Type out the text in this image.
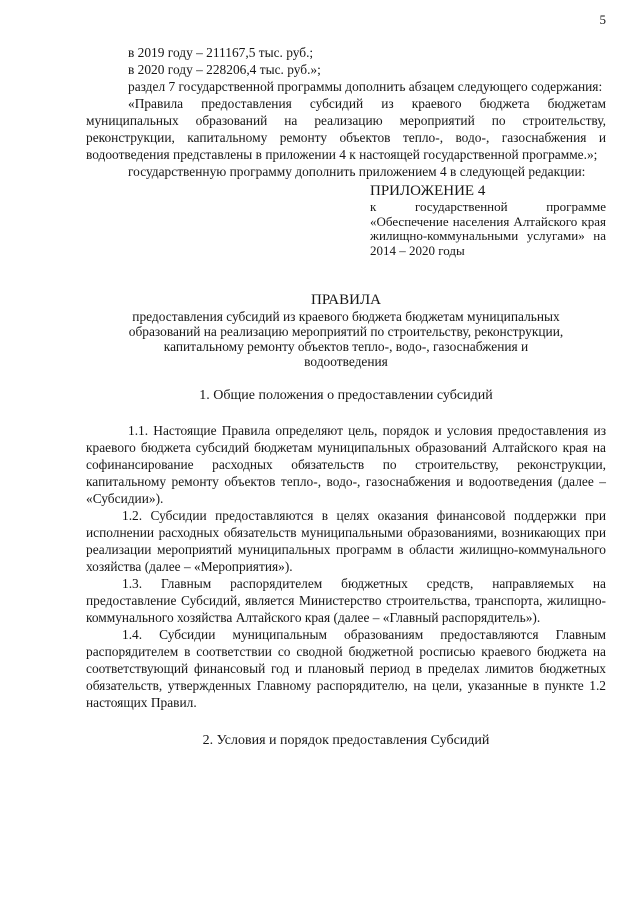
5

в 2019 году – 211167,5 тыс. руб.;

в 2020 году – 228206,4 тыс. руб.»;

раздел 7 государственной программы дополнить абзацем следующего содержания:

«Правила предоставления субсидий из краевого бюджета бюджетам муниципальных образований на реализацию мероприятий по строительству, реконструкции, капитальному ремонту объектов тепло-, водо-, газоснабжения и водоотведения представлены в приложении 4 к настоящей государственной программе.»;

государственную программу дополнить приложением 4 в следующей редакции:

ПРИЛОЖЕНИЕ 4
к государственной программе «Обеспечение населения Алтайского края жилищно-коммунальными услугами» на 2014 – 2020 годы
ПРАВИЛА
предоставления субсидий из краевого бюджета бюджетам муниципальных
образований на реализацию мероприятий по строительству, реконструкции,
капитальному ремонту объектов тепло-, водо-, газоснабжения и
водоотведения
1. Общие положения о предоставлении субсидий

1.1. Настоящие Правила определяют цель, порядок и условия предоставления из краевого бюджета субсидий бюджетам муниципальных образований Алтайского края на софинансирование расходных обязательств по строительству, реконструкции, капитальному ремонту объектов тепло-, водо-, газоснабжения и водоотведения (далее – «Субсидии»).

1.2. Субсидии предоставляются в целях оказания финансовой поддержки при исполнении расходных обязательств муниципальными образованиями, возникающих при реализации мероприятий муниципальных программ в области жилищно-коммунального хозяйства (далее – «Мероприятия»).

1.3. Главным распорядителем бюджетных средств, направляемых на предоставление Субсидий, является Министерство строительства, транспорта, жилищно-коммунального хозяйства Алтайского края (далее – «Главный распорядитель»).

1.4. Субсидии муниципальным образованиям предоставляются Главным распорядителем в соответствии со сводной бюджетной росписью краевого бюджета на соответствующий финансовый год и плановый период в пределах лимитов бюджетных обязательств, утвержденных Главному распорядителю, на цели, указанные в пункте 1.2 настоящих Правил.

2. Условия и порядок предоставления Субсидий
